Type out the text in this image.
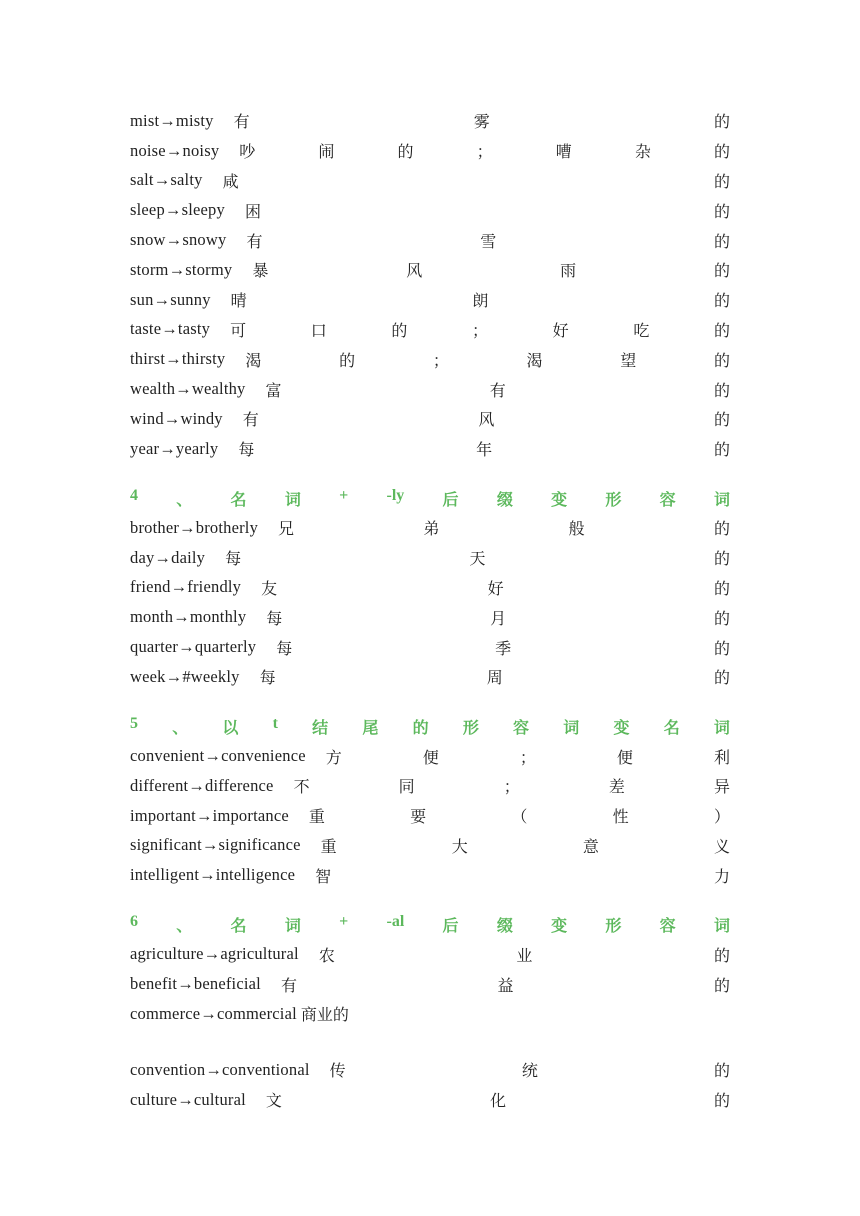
mist→misty 有	雾	的
noise→noisy 吵	闹	的	；	嘈	杂	的
salt→salty 咸	的
sleep→sleepy 困	的
snow→snowy 有	雪	的
storm→stormy 暴	风	雨	的
sun→sunny 晴	朗	的
taste→tasty 可	口	的	；	好	吃	的
thirst→thirsty 渴	的	；	渴	望	的
wealth→wealthy 富	有	的
wind→windy 有	风	的
year→yearly 每	年	的
4 、 名 词 + -ly 后 缀 变 形 容 词
brother→brotherly 兄	弟	般	的
day→daily 每	天	的
friend→friendly 友	好	的
month→monthly 每	月	的
quarter→quarterly 每	季	的
week→#weekly 每	周	的
5 、 以 t 结 尾 的 形 容 词 变 名 词
convenient→convenience 方	便	；	便	利
different→difference 不	同	；	差	异
important→importance 重	要	（	性	）
significant→significance 重	大	意	义
intelligent→intelligence 智	力
6 、 名 词 + -al 后 缀 变 形 容 词
agriculture→agricultural 农	业	的
benefit→beneficial 有	益	的
commerce→commercial 商业的
convention→conventional 传	统	的
culture→cultural 文	化	的
